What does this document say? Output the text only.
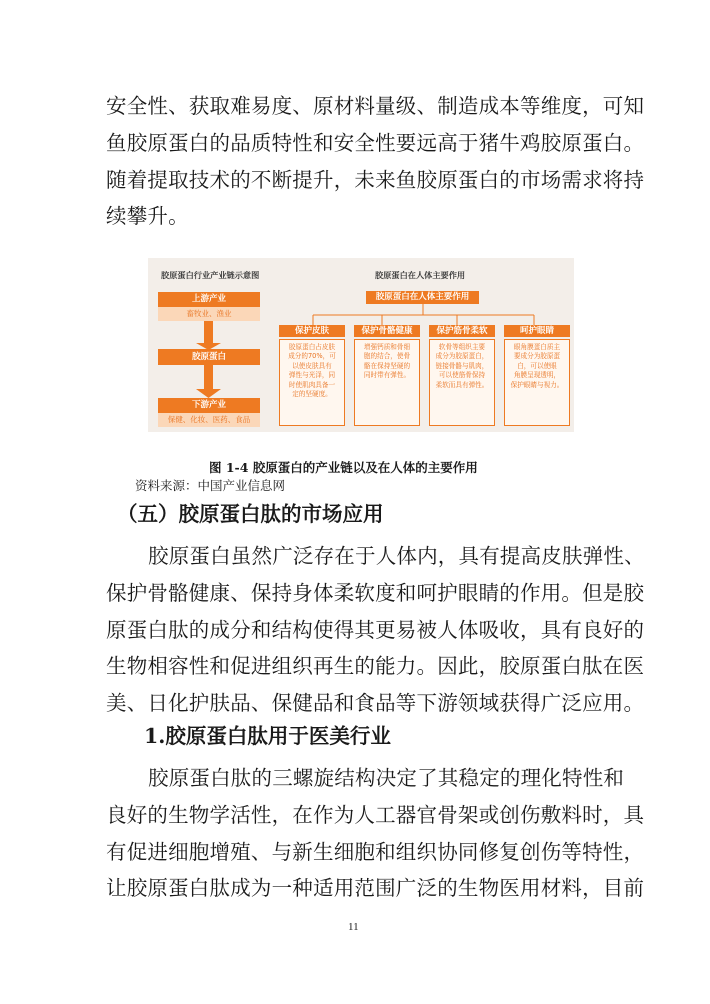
安全性、获取难易度、原材料量级、制造成本等维度，可知
鱼胶原蛋白的品质特性和安全性要远高于猪牛鸡胶原蛋白。
随着提取技术的不断提升，未来鱼胶原蛋白的市场需求将持
续攀升。
胶原蛋白行业产业链示意图
上游产业
畜牧业、渔业
胶原蛋白
下游产业
保健、化妆、医药、食品
胶原蛋白在人体主要作用
胶原蛋白在人体主要作用
保护皮肤
胶原蛋白占皮肤
成分的70%，可
以使皮肤具有
弹性与光泽，同
时使肌肉具备一
定的坚硬度。
保护骨骼健康
增强钙质和骨细
胞的结合，使骨
骼在保持坚硬的
同时带有弹性。
保护筋骨柔软
软骨等组织主要
成分为胶原蛋白，
链接骨骼与肌肉，
可以使筋骨保持
柔软而具有弹性。
呵护眼睛
眼角膜蛋白质主
要成分为胶原蛋
白，可以使眼
角膜呈现透明，
保护眼睛与视力。
图 1-4 胶原蛋白的产业链以及在人体的主要作用
资料来源：中国产业信息网
（五）胶原蛋白肽的市场应用
胶原蛋白虽然广泛存在于人体内，具有提高皮肤弹性、
保护骨骼健康、保持身体柔软度和呵护眼睛的作用。但是胶
原蛋白肽的成分和结构使得其更易被人体吸收，具有良好的
生物相容性和促进组织再生的能力。因此，胶原蛋白肽在医
美、日化护肤品、保健品和食品等下游领域获得广泛应用。
1.胶原蛋白肽用于医美行业
胶原蛋白肽的三螺旋结构决定了其稳定的理化特性和
良好的生物学活性，在作为人工器官骨架或创伤敷料时，具
有促进细胞增殖、与新生细胞和组织协同修复创伤等特性，
让胶原蛋白肽成为一种适用范围广泛的生物医用材料，目前
11
